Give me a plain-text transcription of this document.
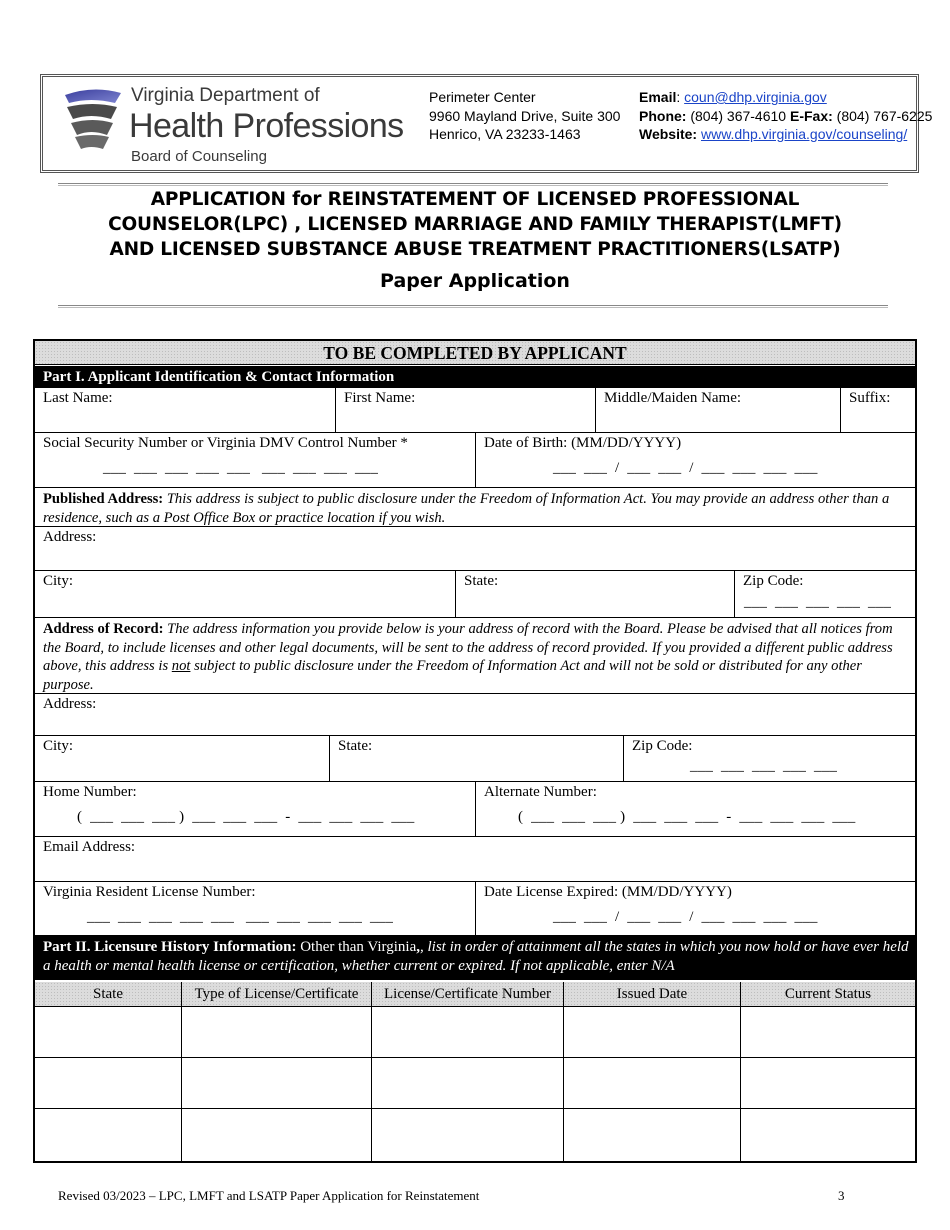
Virginia Department of
Health Professions
Board of Counseling
Perimeter Center
9960 Mayland Drive, Suite 300
Henrico, VA 23233-1463
Email: coun@dhp.virginia.gov
Phone: (804) 367-4610 E-Fax: (804) 767-6225
Website: www.dhp.virginia.gov/counseling/
APPLICATION for REINSTATEMENT OF LICENSED PROFESSIONAL
COUNSELOR(LPC) , LICENSED MARRIAGE AND FAMILY THERAPIST(LMFT)
AND LICENSED SUBSTANCE ABUSE TREATMENT PRACTITIONERS(LSATP)
Paper Application
TO BE COMPLETED BY APPLICANT
Part I. Applicant Identification & Contact Information
Last Name:	First Name:	Middle/Maiden Name:	Suffix:
Social Security Number or Virginia DMV Control Number *
___  ___  ___  ___  ___   ___  ___  ___  ___
Date of Birth: (MM/DD/YYYY)
___  ___  /  ___  ___  /  ___  ___  ___  ___
Published Address: This address is subject to public disclosure under the Freedom of Information Act. You may provide an address other than a residence, such as a Post Office Box or practice location if you wish.
Address:
City:	State:	Zip Code:
___  ___  ___  ___  ___
Address of Record: The address information you provide below is your address of record with the Board. Please be advised that all notices from the Board, to include licenses and other legal documents, will be sent to the address of record provided. If you provided a different public address above, this address is not subject to public disclosure under the Freedom of Information Act and will not be sold or distributed for any other purpose.
Address:
City:	State:	Zip Code:
___  ___  ___  ___  ___
Home Number:
(  ___  ___  ___ )  ___  ___  ___  -  ___  ___  ___  ___
Alternate Number:
(  ___  ___  ___ )  ___  ___  ___  -  ___  ___  ___  ___
Email Address:
Virginia Resident License Number:
___  ___  ___  ___  ___   ___  ___  ___  ___  ___
Date License Expired: (MM/DD/YYYY)
___  ___  /  ___  ___  /  ___  ___  ___  ___
Part II. Licensure History Information: Other than Virginia,, list in order of attainment all the states in which you now hold or have ever held a health or mental health license or certification, whether current or expired. If not applicable, enter N/A
State	Type of License/Certificate	License/Certificate Number	Issued Date	Current Status
Revised 03/2023 – LPC, LMFT and LSATP Paper Application for Reinstatement	3
